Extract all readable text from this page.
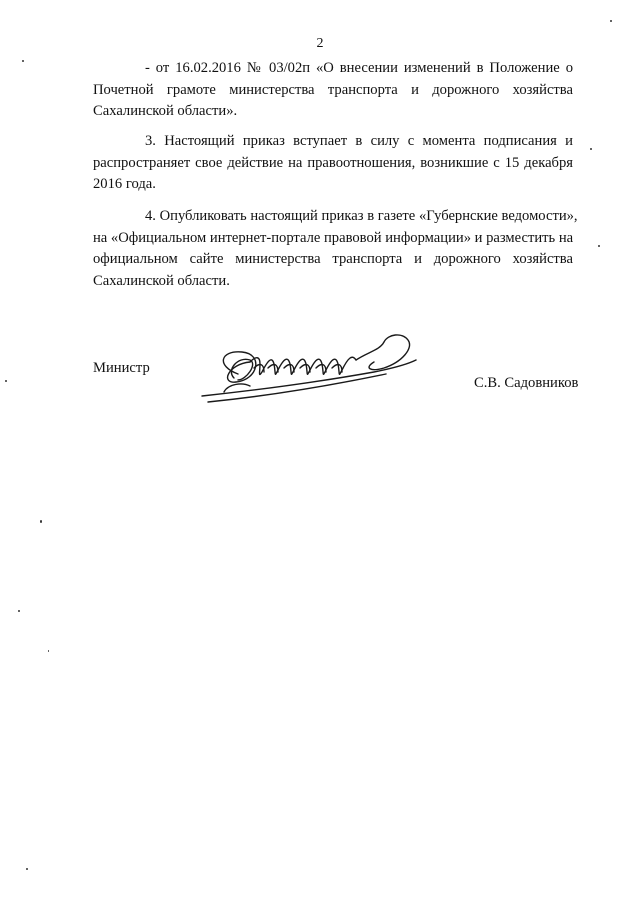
2
- от 16.02.2016 № 03/02п «О внесении изменений в Положение о
Почетной грамоте министерства транспорта и дорожного хозяйства
Сахалинской области».
3. Настоящий приказ вступает в силу с момента подписания и
распространяет свое действие на правоотношения, возникшие с 15 декабря
2016 года.
4. Опубликовать настоящий приказ в газете «Губернские ведомости»,
на «Официальном интернет-портале правовой информации» и разместить на
официальном сайте министерства транспорта и дорожного хозяйства
Сахалинской области.
Министр
С.В. Садовников
